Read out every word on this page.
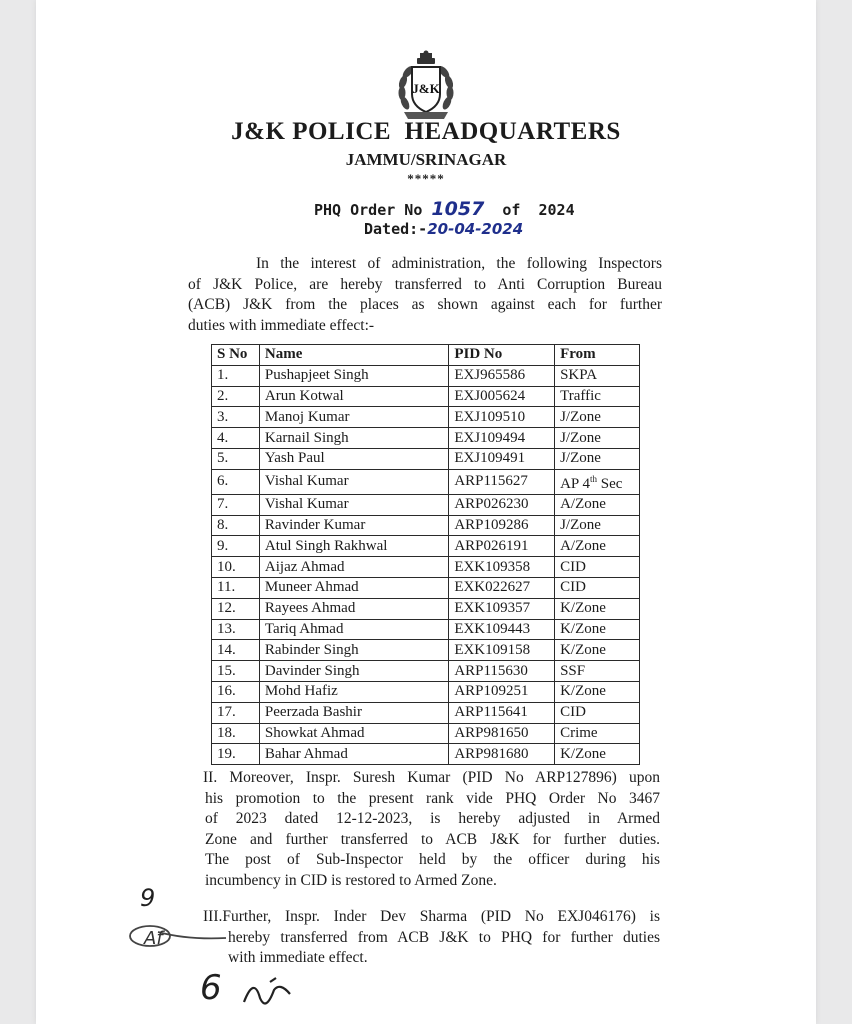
J&K
J&K POLICE  HEADQUARTERS
JAMMU/SRINAGAR
*****
PHQ Order No 1057 of 2024
Dated:-20-04-2024
In the interest of administration, the following Inspectors
of J&K Police, are hereby transferred to Anti Corruption Bureau
(ACB) J&K from the places as shown against each for further
duties with immediate effect:-
S No	Name	PID No	From
1.	Pushapjeet Singh	EXJ965586	SKPA
2.	Arun Kotwal	EXJ005624	Traffic
3.	Manoj Kumar	EXJ109510	J/Zone
4.	Karnail Singh	EXJ109494	J/Zone
5.	Yash Paul	EXJ109491	J/Zone
6.	Vishal Kumar	ARP115627	AP 4th Sec
7.	Vishal Kumar	ARP026230	A/Zone
8.	Ravinder Kumar	ARP109286	J/Zone
9.	Atul Singh Rakhwal	ARP026191	A/Zone
10.	Aijaz Ahmad	EXK109358	CID
11.	Muneer Ahmad	EXK022627	CID
12.	Rayees Ahmad	EXK109357	K/Zone
13.	Tariq Ahmad	EXK109443	K/Zone
14.	Rabinder Singh	EXK109158	K/Zone
15.	Davinder Singh	ARP115630	SSF
16.	Mohd Hafiz	ARP109251	K/Zone
17.	Peerzada Bashir	ARP115641	CID
18.	Showkat Ahmad	ARP981650	Crime
19.	Bahar Ahmad	ARP981680	K/Zone
II. Moreover, Inspr. Suresh Kumar (PID No ARP127896) upon
his promotion to the present rank vide PHQ Order No 3467
of 2023 dated 12-12-2023, is hereby adjusted in Armed
Zone and further transferred to ACB J&K for further duties.
The post of Sub-Inspector held by the officer during his
incumbency in CID is restored to Armed Zone.
III.Further, Inspr. Inder Dev Sharma (PID No EXJ046176) is
hereby transferred from ACB J&K to PHQ for further duties
with immediate effect.
9
Af
6
